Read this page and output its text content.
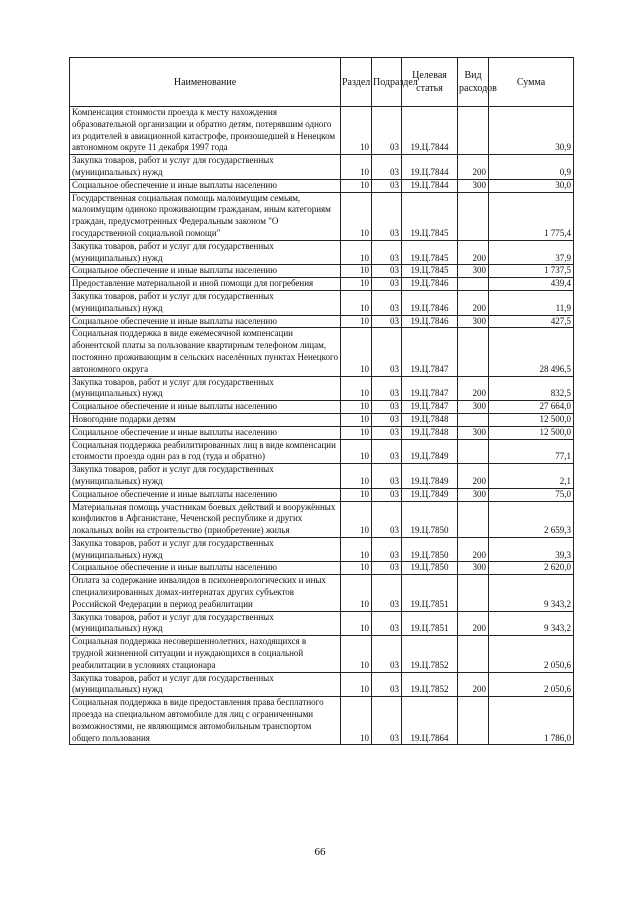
Наименование	Раздел	Подраздел	Целевая статья	Вид расходов	Сумма
Компенсация стоимости проезда к месту нахождения образовательной организации и обратно детям, потерявшим одного из родителей в авиационной катастрофе, произошедшей в Ненецком автономном округе 11 декабря 1997 года	10	03	19.Ц.7844		30,9
Закупка товаров, работ и услуг для государственных (муниципальных) нужд	10	03	19.Ц.7844	200	0,9
Социальное обеспечение и иные выплаты населению	10	03	19.Ц.7844	300	30,0
Государственная социальная помощь малоимущим семьям, малоимущим одиноко проживающим гражданам, иным категориям граждан, предусмотренных Федеральным законом "О государственной социальной помощи"	10	03	19.Ц.7845		1 775,4
Закупка товаров, работ и услуг для государственных (муниципальных) нужд	10	03	19.Ц.7845	200	37,9
Социальное обеспечение и иные выплаты населению	10	03	19.Ц.7845	300	1 737,5
Предоставление материальной и иной помощи для погребения	10	03	19.Ц.7846		439,4
Закупка товаров, работ и услуг для государственных (муниципальных) нужд	10	03	19.Ц.7846	200	11,9
Социальное обеспечение и иные выплаты населению	10	03	19.Ц.7846	300	427,5
Социальная поддержка в виде ежемесячной компенсации абонентской платы за пользование квартирным телефоном лицам, постоянно проживающим в сельских населённых пунктах Ненецкого автономного округа	10	03	19.Ц.7847		28 496,5
Закупка товаров, работ и услуг для государственных (муниципальных) нужд	10	03	19.Ц.7847	200	832,5
Социальное обеспечение и иные выплаты населению	10	03	19.Ц.7847	300	27 664,0
Новогодние подарки детям	10	03	19.Ц.7848		12 500,0
Социальное обеспечение и иные выплаты населению	10	03	19.Ц.7848	300	12 500,0
Социальная поддержка реабилитированных лиц в виде компенсации стоимости проезда один раз в год (туда и обратно)	10	03	19.Ц.7849		77,1
Закупка товаров, работ и услуг для государственных (муниципальных) нужд	10	03	19.Ц.7849	200	2,1
Социальное обеспечение и иные выплаты населению	10	03	19.Ц.7849	300	75,0
Материальная помощь участникам боевых действий и вооружённых конфликтов в Афганистане, Чеченской республике и других локальных войн на строительство (приобретение) жилья	10	03	19.Ц.7850		2 659,3
Закупка товаров, работ и услуг для государственных (муниципальных) нужд	10	03	19.Ц.7850	200	39,3
Социальное обеспечение и иные выплаты населению	10	03	19.Ц.7850	300	2 620,0
Оплата за содержание инвалидов в психоневрологических и иных специализированных домах-интернатах других субъектов Российской Федерации в период реабилитации	10	03	19.Ц.7851		9 343,2
Закупка товаров, работ и услуг для государственных (муниципальных) нужд	10	03	19.Ц.7851	200	9 343,2
Социальная поддержка несовершеннолетних, находящихся в трудной жизненной ситуации и нуждающихся в социальной реабилитации в условиях стационара	10	03	19.Ц.7852		2 050,6
Закупка товаров, работ и услуг для государственных (муниципальных) нужд	10	03	19.Ц.7852	200	2 050,6
Социальная поддержка в виде предоставления права бесплатного проезда на специальном автомобиле для лиц с ограниченными возможностями, не являющимся автомобильным транспортом общего пользования	10	03	19.Ц.7864		1 786,0
66
